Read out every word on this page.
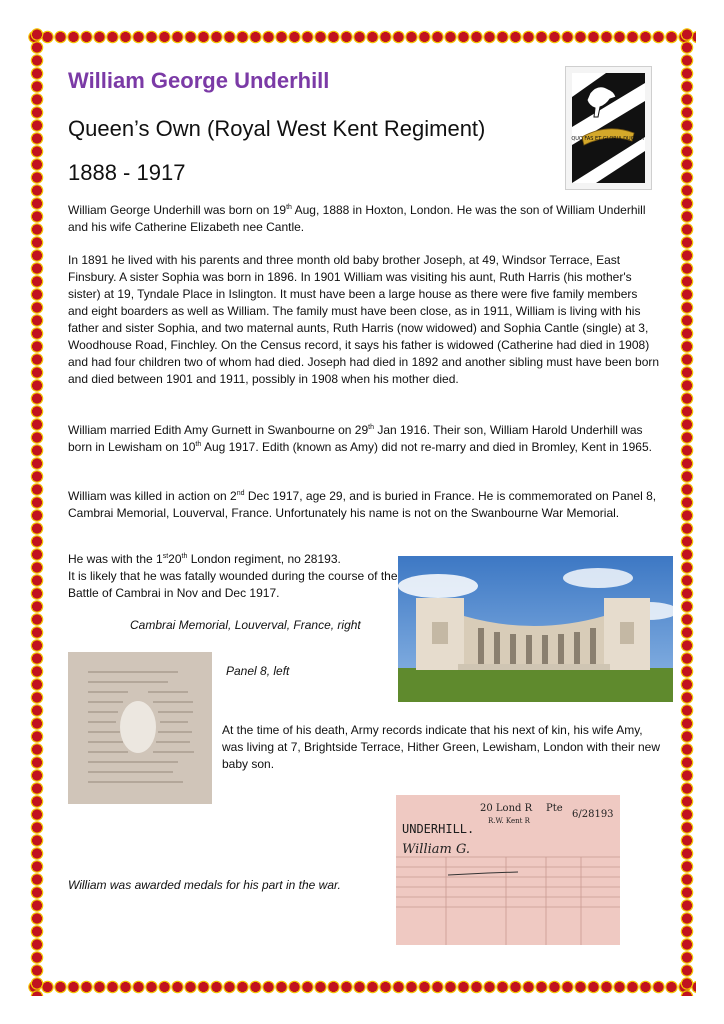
William George Underhill
Queen’s Own (Royal West Kent Regiment)
1888 - 1917
QUO FAS ET GLORIA DUCUNT

William George Underhill was born on 19th Aug, 1888 in Hoxton, London. He was the son of William Underhill and his wife Catherine Elizabeth nee Cantle.

In 1891 he lived with his parents and three month old baby brother Joseph, at 49, Windsor Terrace, East Finsbury. A sister Sophia was born in 1896. In 1901 William was visiting his aunt, Ruth Harris (his mother's sister) at 19, Tyndale Place in Islington. It must have been a large house as there were five family members and eight boarders as well as William. The family must have been close, as in 1911, William is living with his father and sister Sophia, and two maternal aunts, Ruth Harris (now widowed) and Sophia Cantle (single) at 3, Woodhouse Road, Finchley. On the Census record, it says his father is widowed (Catherine had died in 1908) and had four children two of whom had died. Joseph had died in 1892 and another sibling must have been born and died between 1901 and 1911, possibly in 1908 when his mother died.

William married Edith Amy Gurnett in Swanbourne on 29th Jan 1916. Their son, William Harold Underhill was born in Lewisham on 10th Aug 1917. Edith (known as Amy) did not re-marry and died in Bromley, Kent in 1965.

William was killed in action on 2nd Dec 1917, age 29, and is buried in France. He is commemorated on Panel 8, Cambrai Memorial, Louverval, France. Unfortunately his name is not on the Swanbourne War Memorial.

He was with the 1st20th London regiment, no 28193.
It is likely that he was fatally wounded during the course of the Battle of Cambrai in Nov and Dec 1917.

Cambrai Memorial, Louverval, France, right
Panel 8, left

At the time of his death, Army records indicate that his next of kin, his wife Amy, was living at 7, Brightside Terrace, Hither Green, Lewisham, London with their new baby son.

20 Lond R Pte
6/28193
UNDERHILL.
R.W. Kent R
William G.
William was awarded medals for his part in the war.
